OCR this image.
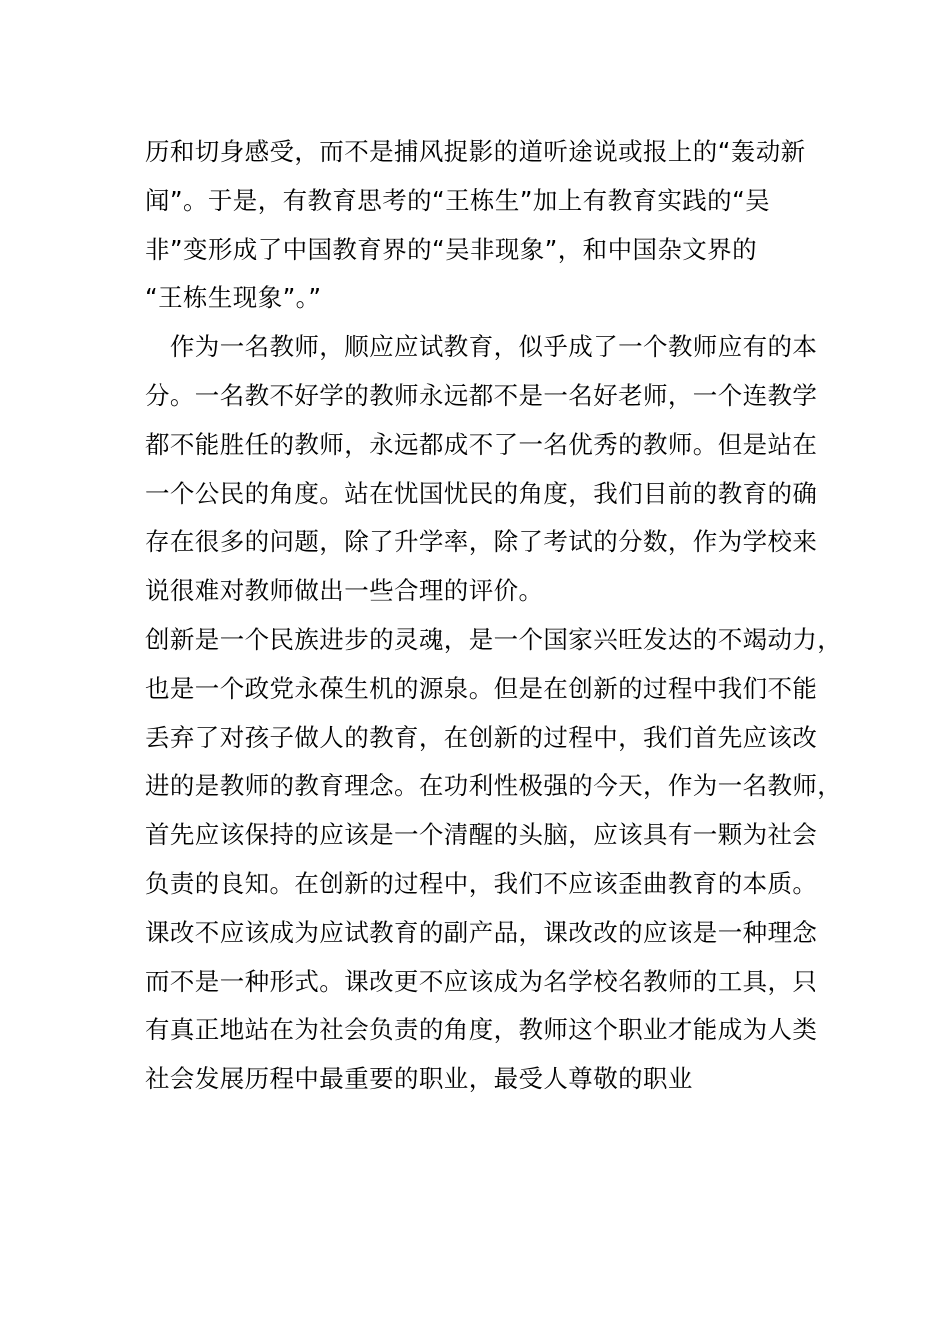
历和切身感受，而不是捕风捉影的道听途说或报上的“轰动新
闻”。于是，有教育思考的“王栋生”加上有教育实践的“吴
非”变形成了中国教育界的“吴非现象”，和中国杂文界的
“王栋生现象”。”
　作为一名教师，顺应应试教育，似乎成了一个教师应有的本
分。一名教不好学的教师永远都不是一名好老师，一个连教学
都不能胜任的教师，永远都成不了一名优秀的教师。但是站在
一个公民的角度。站在忧国忧民的角度，我们目前的教育的确
存在很多的问题，除了升学率，除了考试的分数，作为学校来
说很难对教师做出一些合理的评价。
创新是一个民族进步的灵魂，是一个国家兴旺发达的不竭动力，
也是一个政党永葆生机的源泉。但是在创新的过程中我们不能
丢弃了对孩子做人的教育，在创新的过程中，我们首先应该改
进的是教师的教育理念。在功利性极强的今天，作为一名教师，
首先应该保持的应该是一个清醒的头脑，应该具有一颗为社会
负责的良知。在创新的过程中，我们不应该歪曲教育的本质。
课改不应该成为应试教育的副产品，课改改的应该是一种理念
而不是一种形式。课改更不应该成为名学校名教师的工具，只
有真正地站在为社会负责的角度，教师这个职业才能成为人类
社会发展历程中最重要的职业，最受人尊敬的职业
